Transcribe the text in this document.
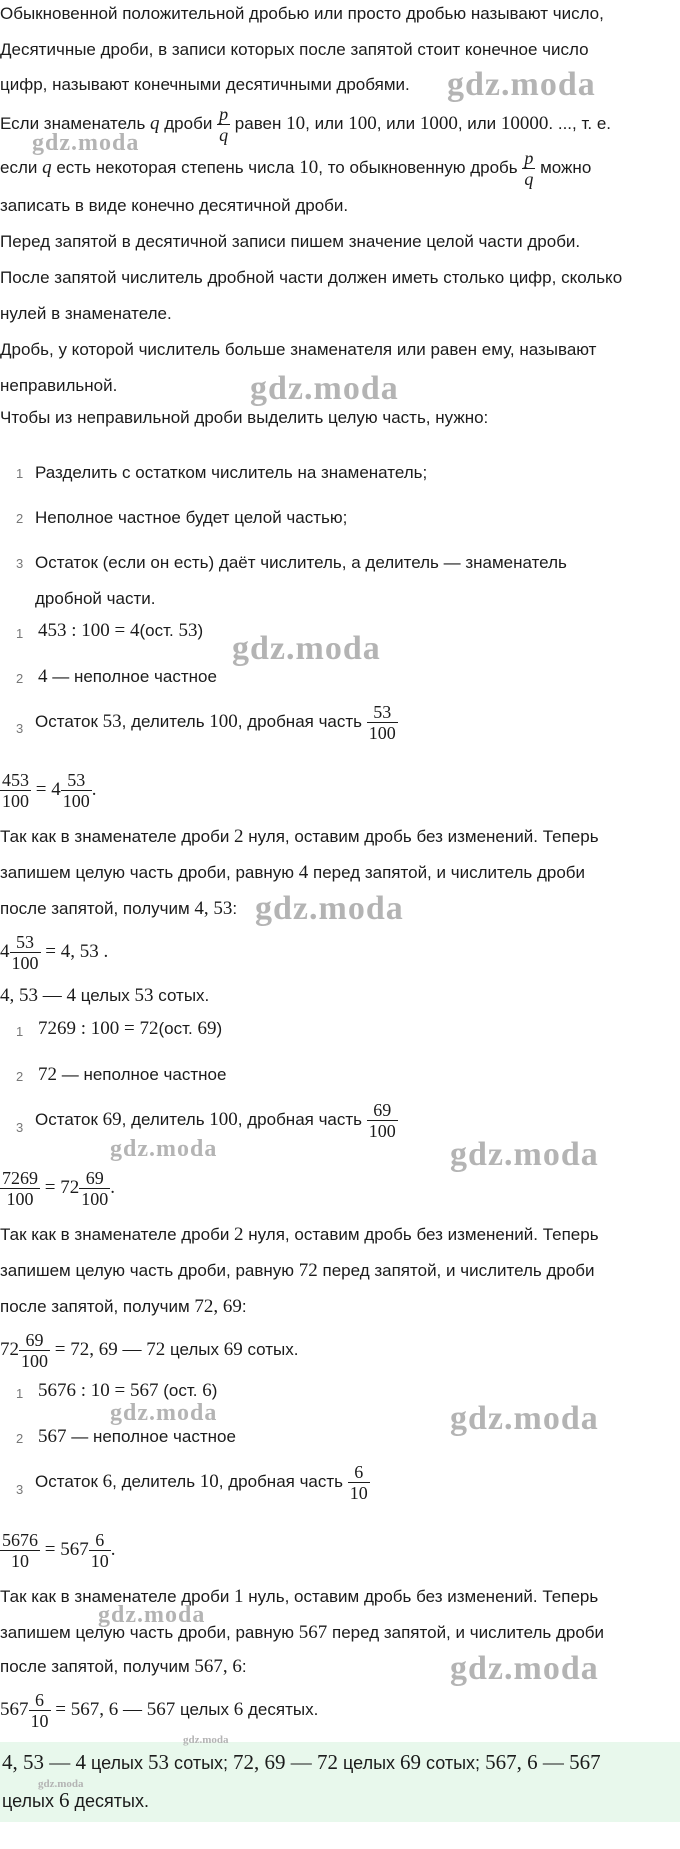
Обыкновенной положительной дробью или просто дробью называют число,
Десятичные дроби, в записи которых после запятой стоит конечное число
цифр, называют конечными десятичными дробями.
Если знаменатель q дроби $\frac{p}{q}$ равен 10, или 100, или 1000, или 10000. ..., т. е.
если q есть некоторая степень числа 10, то обыкновенную дробь $\frac{p}{q}$ можно
записать в виде конечно десятичной дроби.
Перед запятой в десятичной записи пишем значение целой части дроби.
После запятой числитель дробной части должен иметь столько цифр, сколько
нулей в знаменателе.
Дробь, у которой числитель больше знаменателя или равен ему, называют
неправильной.
Чтобы из неправильной дроби выделить целую часть, нужно:
1 Разделить с остатком числитель на знаменатель;
2 Неполное частное будет целой частью;
3 Остаток (если он есть) даёт числитель, а делитель — знаменатель
дробной части.
1 453 : 100 = 4(ост. 53)
2 4 — неполное частное
3 Остаток 53, делитель 100, дробная часть $\frac{53}{100}$
$\frac{453}{100} = 4 \frac{53}{100}$ .
Так как в знаменателе дроби 2 нуля, оставим дробь без изменений. Теперь
запишем целую часть дроби, равную 4 перед запятой, и числитель дроби
после запятой, получим 4, 53:
$4 \frac{53}{100} = 4$, 53 .
4, 53 — 4 целых 53 сотых.
1 7269 : 100 = 72(ост. 69)
2 72 — неполное частное
3 Остаток 69, делитель 100, дробная часть $\frac{69}{100}$
$\frac{7269}{100} = 72 \frac{69}{100}$ .
Так как в знаменателе дроби 2 нуля, оставим дробь без изменений. Теперь
запишем целую часть дроби, равную 72 перед запятой, и числитель дроби
после запятой, получим 72, 69:
$72 \frac{69}{100} = 72$, 69 — 72 целых 69 сотых.
1 5676 : 10 = 567 (ост. 6)
2 567 — неполное частное
3 Остаток 6, делитель 10, дробная часть $\frac{6}{10}$
$\frac{5676}{10} = 567 \frac{6}{10}$ .
Так как в знаменателе дроби 1 нуль, оставим дробь без изменений. Теперь
запишем целую часть дроби, равную 567 перед запятой, и числитель дроби
после запятой, получим 567, 6:
$567 \frac{6}{10} = 567$, 6 — 567 целых 6 десятых.
4, 53 — 4 целых 53 сотых; 72, 69 — 72 целых 69 сотых; 567, 6 — 567
целых 6 десятых.
gdz.moda
gdz.moda
gdz.moda
gdz.moda
gdz.moda
gdz.moda	gdz.moda
gdz.moda	gdz.moda
gdz.moda
gdz.moda
gdz.moda
gdz.moda
